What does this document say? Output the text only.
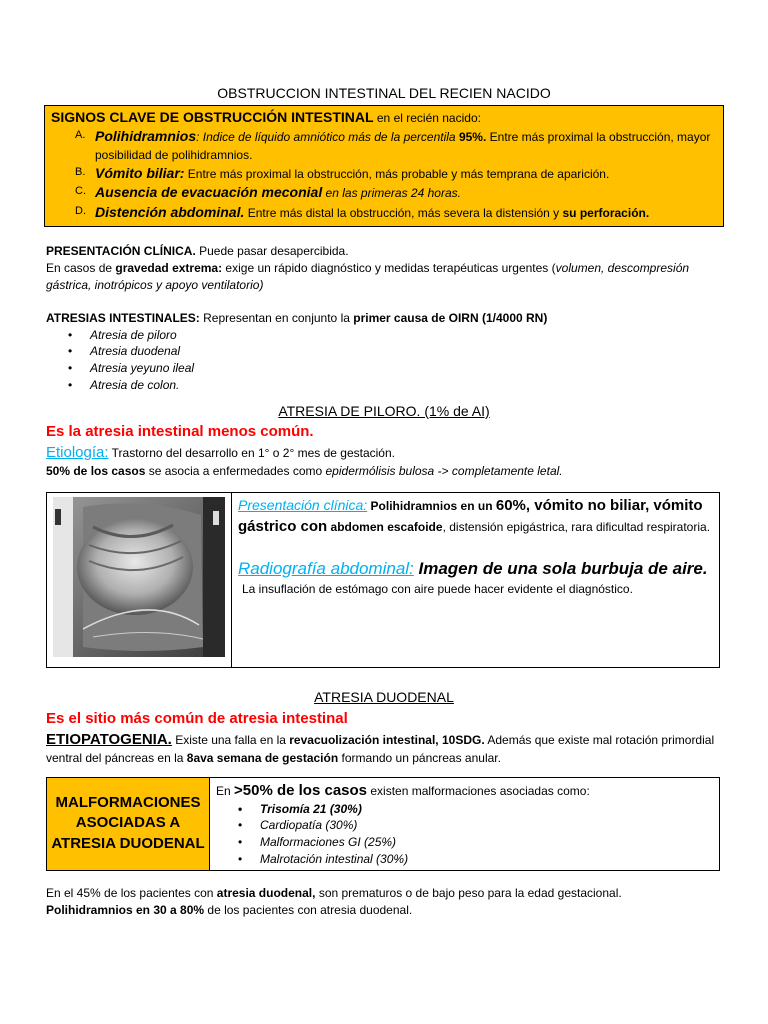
OBSTRUCCION INTESTINAL DEL RECIEN NACIDO
SIGNOS CLAVE DE OBSTRUCCIÓN INTESTINAL en el recién nacido:
A. Polihidramnios: Indice de líquido amniótico más de la percentila 95%. Entre más proximal la obstrucción, mayor posibilidad de polihidramnios.
B. Vómito biliar: Entre más proximal la obstrucción, más probable y más temprana de aparición.
C. Ausencia de evacuación meconial en las primeras 24 horas.
D. Distención abdominal. Entre más distal la obstrucción, más severa la distensión y su perforación.

PRESENTACIÓN CLÍNICA. Puede pasar desapercibida.

En casos de gravedad extrema: exige un rápido diagnóstico y medidas terapéuticas urgentes (volumen, descompresión gástrica, inotrópicos y apoyo ventilatorio)

ATRESIAS INTESTINALES: Representan en conjunto la primer causa de OIRN (1/4000 RN)

• Atresia de piloro
• Atresia duodenal
• Atresia yeyuno ileal
• Atresia de colon.
ATRESIA DE PILORO. (1% de AI)
Es la atresia intestinal menos común.

Etiología: Trastorno del desarrollo en 1° o 2° mes de gestación.

50% de los casos se asocia a enfermedades como epidermólisis bulosa -> completamente letal.

Presentación clínica: Polihidramnios en un 60%, vómito no biliar, vómito gástrico con abdomen escafoide, distensión epigástrica, rara dificultad respiratoria.
Radiografía abdominal: Imagen de una sola burbuja de aire.
La insuflación de estómago con aire puede hacer evidente el diagnóstico.
ATRESIA DUODENAL
Es el sitio más común de atresia intestinal

ETIOPATOGENIA. Existe una falla en la revacuolización intestinal, 10SDG. Además que existe mal rotación primordial ventral del páncreas en la 8ava semana de gestación formando un páncreas anular.

MALFORMACIONES ASOCIADAS A ATRESIA DUODENAL	
En >50% de los casos existen malformaciones asociadas como:
• Trisomía 21 (30%)
• Cardiopatía (30%)
• Malformaciones GI (25%)
• Malrotación intestinal (30%)

En el 45% de los pacientes con atresia duodenal, son prematuros o de bajo peso para la edad gestacional.

Polihidramnios en 30 a 80% de los pacientes con atresia duodenal.
